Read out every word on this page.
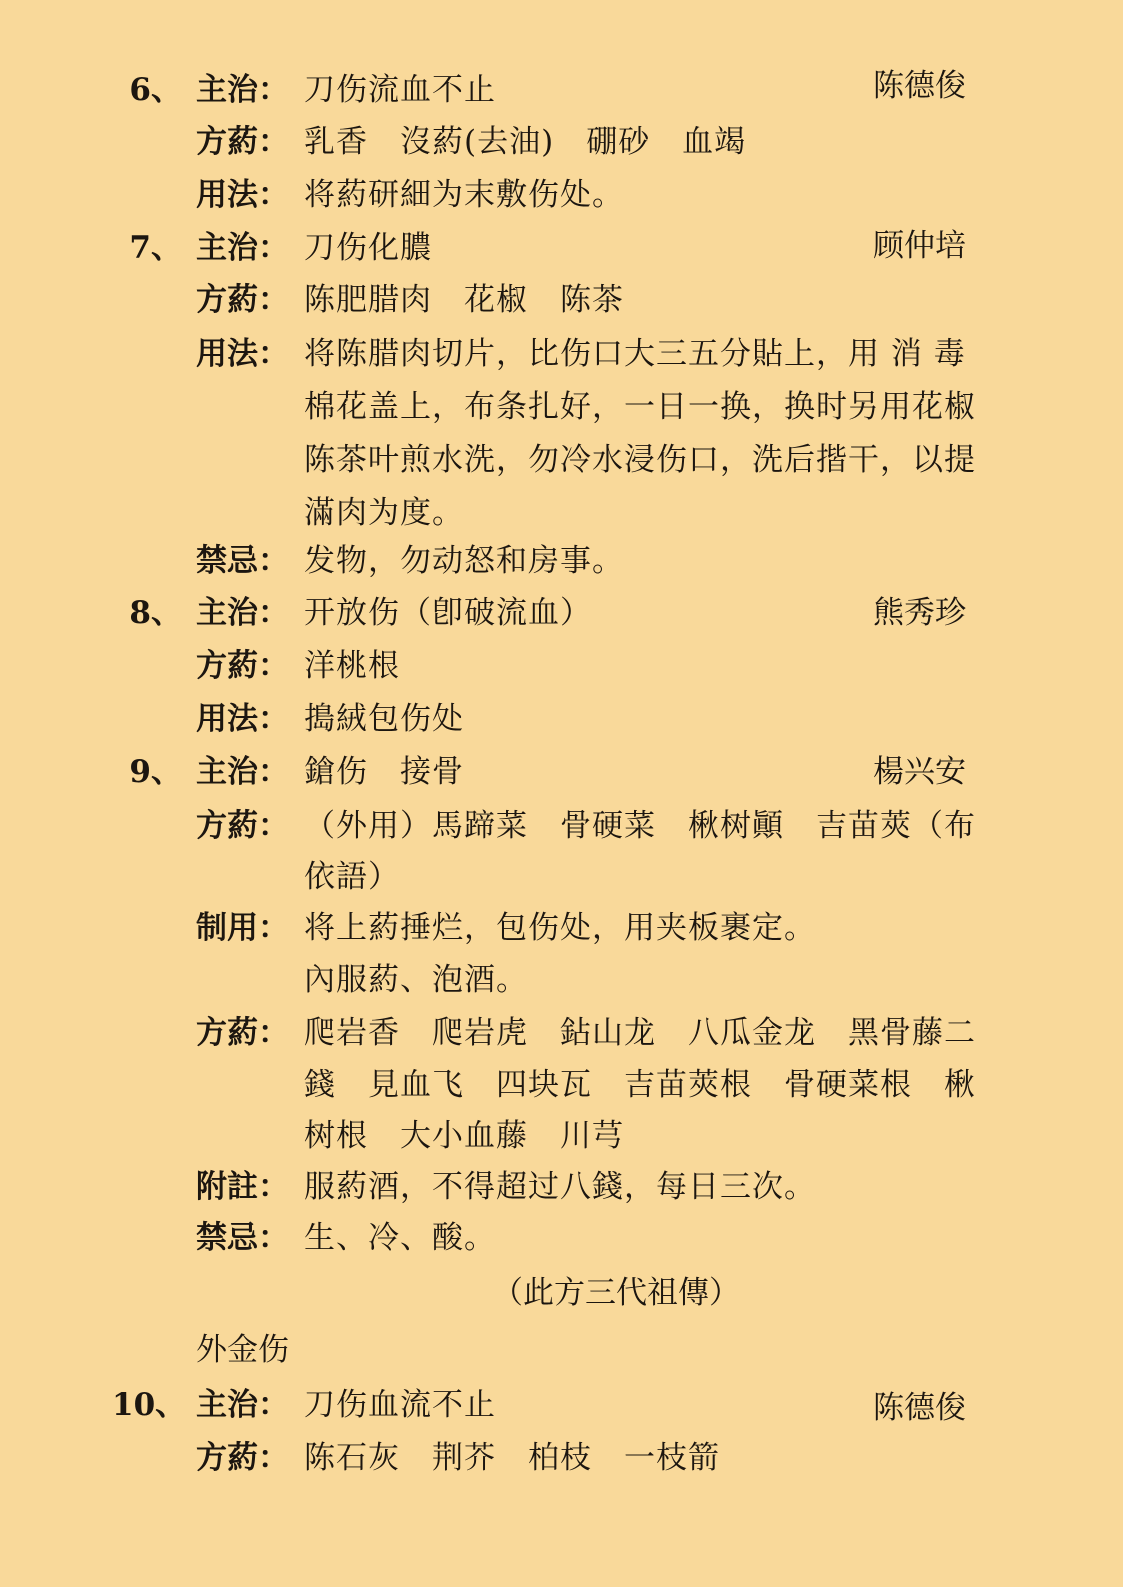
6、 主治： 刀伤流血不止	陈德俊
方葯： 乳香　沒葯(去油)　硼砂　血竭
用法： 将葯研細为末敷伤处。
7、 主治： 刀伤化膿	顾仲培
方葯： 陈肥腊肉　花椒　陈茶
用法： 将陈腊肉切片，比伤口大三五分貼上，用 消 毒
棉花盖上，布条扎好，一日一换，换时另用花椒
陈茶叶煎水洗，勿冷水浸伤口，洗后揩干，以提
滿肉为度。
禁忌： 发物，勿动怒和房事。
8、 主治： 开放伤（卽破流血）	熊秀珍
方葯： 洋桃根
用法： 搗絨包伤处
9、 主治： 鎗伤　接骨	楊兴安
方葯： （外用）馬蹄菜　骨硬菜　楸树顚　吉苗莢（布
依語）
制用： 将上葯捶烂，包伤处，用夹板裹定。
內服葯、泡酒。
方葯： 爬岩香　爬岩虎　鉆山龙　八瓜金龙　黑骨藤二
錢　見血飞　四块瓦　吉苗莢根　骨硬菜根　楸
树根　大小血藤　川芎
附註： 服葯酒，不得超过八錢，每日三次。
禁忌： 生、冷、酸。
（此方三代祖傳）
外金伤
10、 主治： 刀伤血流不止	陈德俊
方葯： 陈石灰　荆芥　柏枝　一枝箭
